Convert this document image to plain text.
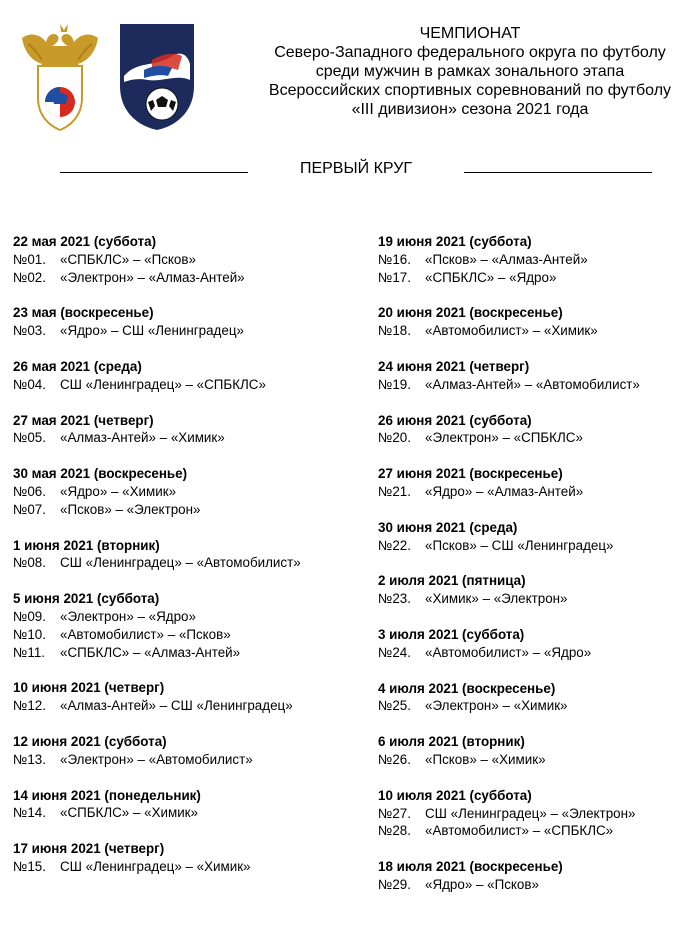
ЧЕМПИОНАТ
Северо-Западного федерального округа по футболу
среди мужчин в рамках зонального этапа
Всероссийских спортивных соревнований по футболу
«III дивизион» сезона 2021 года
ПЕРВЫЙ КРУГ
22 мая 2021 (суббота)
№01. «СПБКЛС» – «Псков»
№02. «Электрон» – «Алмаз-Антей»
23 мая (воскресенье)
№03. «Ядро» – СШ «Ленинградец»
26 мая 2021 (среда)
№04. СШ «Ленинградец» – «СПБКЛС»
27 мая 2021 (четверг)
№05. «Алмаз-Антей» – «Химик»
30 мая 2021 (воскресенье)
№06. «Ядро» – «Химик»
№07. «Псков» – «Электрон»
1 июня 2021 (вторник)
№08. СШ «Ленинградец» – «Автомобилист»
5 июня 2021 (суббота)
№09. «Электрон» – «Ядро»
№10. «Автомобилист» – «Псков»
№11. «СПБКЛС» – «Алмаз-Антей»
10 июня 2021 (четверг)
№12. «Алмаз-Антей» – СШ «Ленинградец»
12 июня 2021 (суббота)
№13. «Электрон» – «Автомобилист»
14 июня 2021 (понедельник)
№14. «СПБКЛС» – «Химик»
17 июня 2021 (четверг)
№15. СШ «Ленинградец» – «Химик»
19 июня 2021 (суббота)
№16. «Псков» – «Алмаз-Антей»
№17. «СПБКЛС» – «Ядро»
20 июня 2021 (воскресенье)
№18. «Автомобилист» – «Химик»
24 июня 2021 (четверг)
№19. «Алмаз-Антей» – «Автомобилист»
26 июня 2021 (суббота)
№20. «Электрон» – «СПБКЛС»
27 июня 2021 (воскресенье)
№21. «Ядро» – «Алмаз-Антей»
30 июня 2021 (среда)
№22. «Псков» – СШ «Ленинградец»
2 июля 2021 (пятница)
№23. «Химик» – «Электрон»
3 июля 2021 (суббота)
№24. «Автомобилист» – «Ядро»
4 июля 2021 (воскресенье)
№25. «Электрон» – «Химик»
6 июля 2021 (вторник)
№26. «Псков» – «Химик»
10 июля 2021 (суббота)
№27. СШ «Ленинградец» – «Электрон»
№28. «Автомобилист» – «СПБКЛС»
18 июля 2021 (воскресенье)
№29. «Ядро» – «Псков»
